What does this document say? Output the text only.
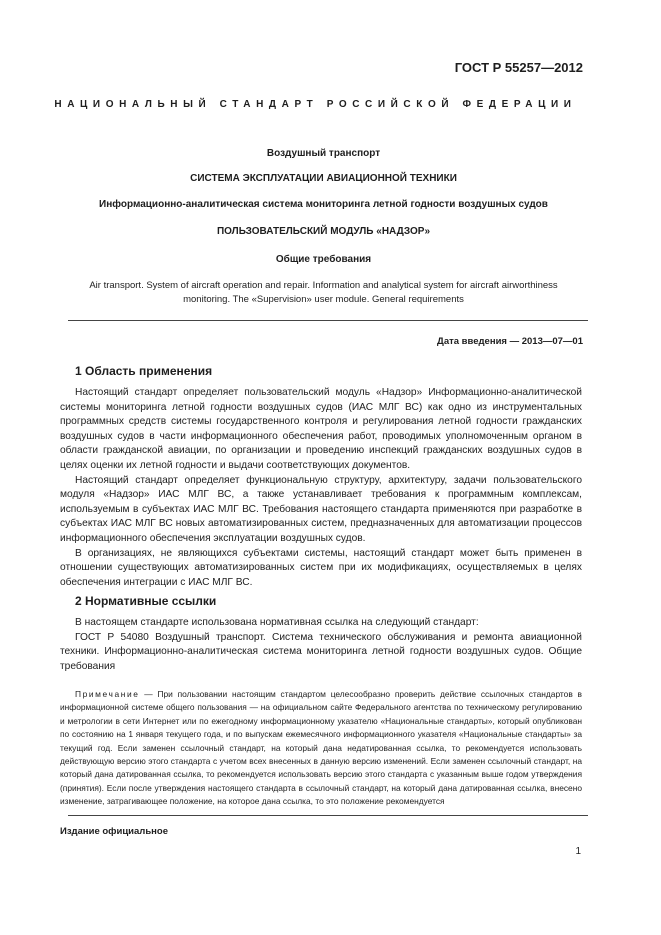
ГОСТ Р 55257—2012
НАЦИОНАЛЬНЫЙ СТАНДАРТ РОССИЙСКОЙ ФЕДЕРАЦИИ
Воздушный транспорт
СИСТЕМА ЭКСПЛУАТАЦИИ АВИАЦИОННОЙ ТЕХНИКИ
Информационно-аналитическая система мониторинга летной годности воздушных судов
ПОЛЬЗОВАТЕЛЬСКИЙ МОДУЛЬ «НАДЗОР»
Общие требования
Air transport. System of aircraft operation and repair. Information and analytical system for aircraft airworthiness
monitoring. The «Supervision» user module. General requirements
Дата введения — 2013—07—01
1 Область применения

Настоящий стандарт определяет пользовательский модуль «Надзор» Информационно-аналитической системы мониторинга летной годности воздушных судов (ИАС МЛГ ВС) как одно из инструментальных программных средств системы государственного контроля и регулирования летной годности гражданских воздушных судов в части информационного обеспечения работ, проводимых уполномоченным органом в области гражданской авиации, по организации и проведению инспекций гражданских воздушных судов в целях оценки их летной годности и выдачи соответствующих документов.

Настоящий стандарт определяет функциональную структуру, архитектуру, задачи пользовательского модуля «Надзор» ИАС МЛГ ВС, а также устанавливает требования к программным комплексам, используемым в субъектах ИАС МЛГ ВС. Требования настоящего стандарта применяются при разработке в субъектах ИАС МЛГ ВС новых автоматизированных систем, предназначенных для автоматизации процессов информационного обеспечения эксплуатации воздушных судов.

В организациях, не являющихся субъектами системы, настоящий стандарт может быть применен в отношении существующих автоматизированных систем при их модификациях, осуществляемых в целях обеспечения интеграции с ИАС МЛГ ВС.

2 Нормативные ссылки

В настоящем стандарте использована нормативная ссылка на следующий стандарт:

ГОСТ Р 54080 Воздушный транспорт. Система технического обслуживания и ремонта авиационной техники. Информационно-аналитическая система мониторинга летной годности воздушных судов. Общие требования

Примечание — При пользовании настоящим стандартом целесообразно проверить действие ссылочных стандартов в информационной системе общего пользования — на официальном сайте Федерального агентства по техническому регулированию и метрологии в сети Интернет или по ежегодному информационному указателю «Национальные стандарты», который опубликован по состоянию на 1 января текущего года, и по выпускам ежемесячного информационного указателя «Национальные стандарты» за текущий год. Если заменен ссылочный стандарт, на который дана недатированная ссылка, то рекомендуется использовать действующую версию этого стандарта с учетом всех внесенных в данную версию изменений. Если заменен ссылочный стандарт, на который дана датированная ссылка, то рекомендуется использовать версию этого стандарта с указанным выше годом утверждения (принятия). Если после утверждения настоящего стандарта в ссылочный стандарт, на который дана датированная ссылка, внесено изменение, затрагивающее положение, на которое дана ссылка, то это положение рекомендуется

Издание официальное
1
